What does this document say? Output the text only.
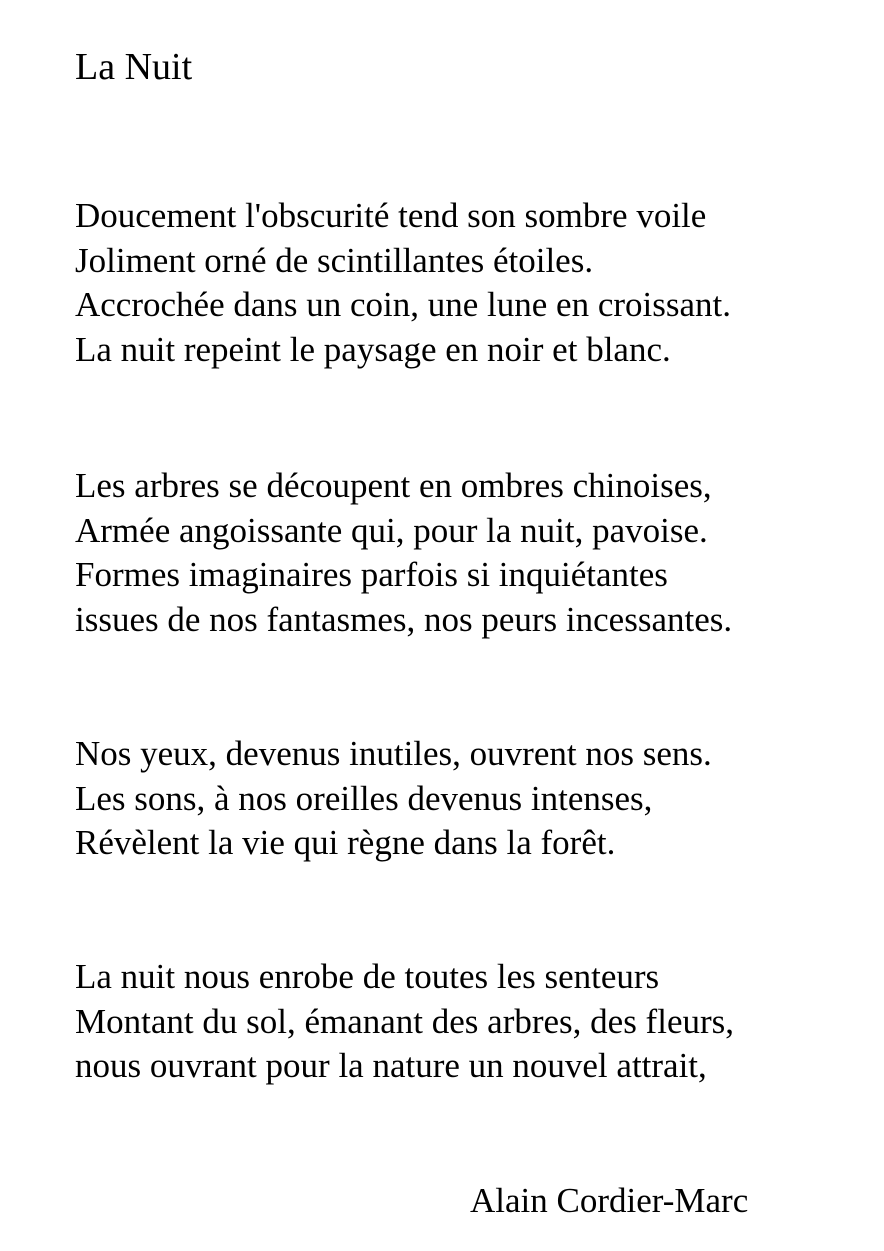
La Nuit
Doucement l'obscurité tend son sombre voile
Joliment orné de scintillantes étoiles.
Accrochée dans un coin, une lune en croissant.
La nuit repeint le paysage en noir et blanc.
Les arbres se découpent en ombres chinoises,
Armée angoissante qui, pour la nuit, pavoise.
Formes imaginaires parfois si inquiétantes
issues de nos fantasmes, nos peurs incessantes.
Nos yeux, devenus inutiles, ouvrent nos sens.
Les sons, à nos oreilles devenus intenses,
Révèlent la vie qui règne dans la forêt.
La nuit nous enrobe de toutes les senteurs
Montant du sol, émanant des arbres, des fleurs,
nous ouvrant pour la nature un nouvel attrait,

Alain Cordier-Marc
